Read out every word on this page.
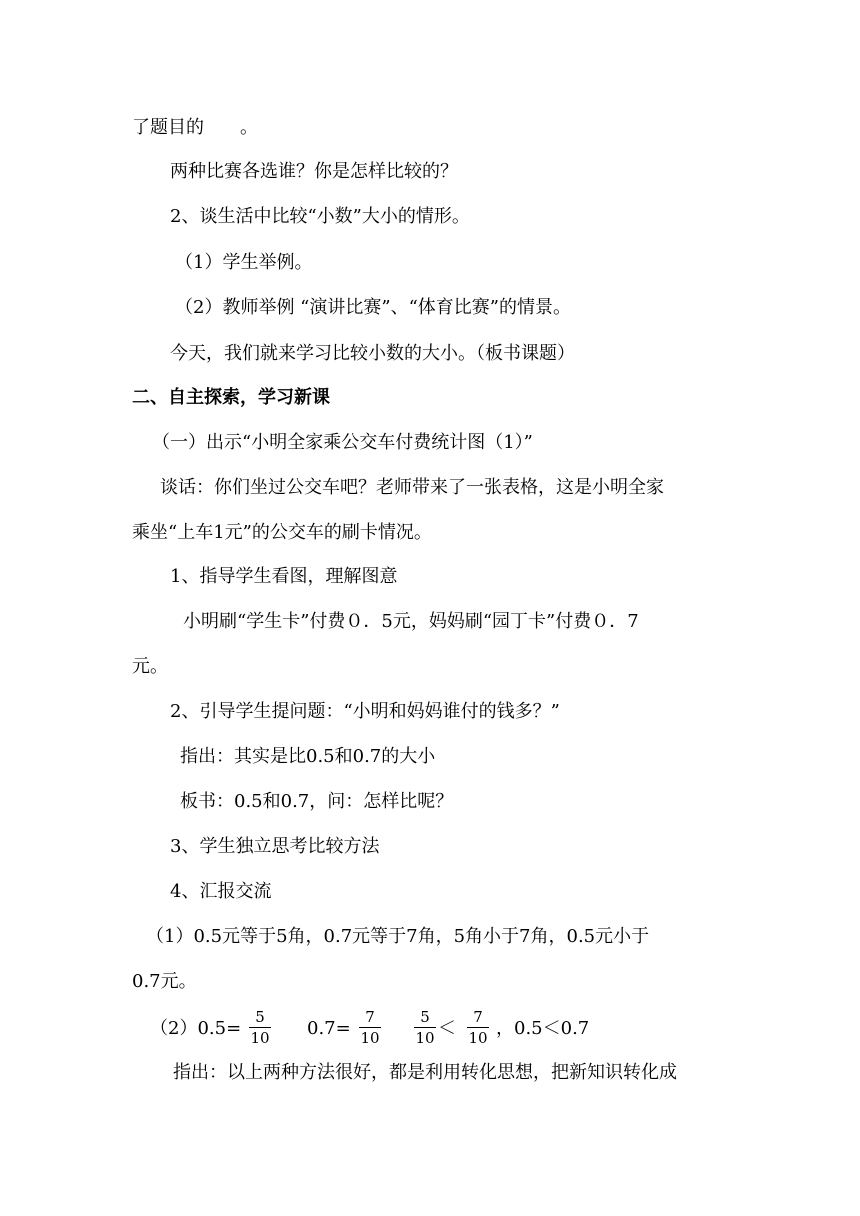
了题目的　　。
两种比赛各选谁？你是怎样比较的？
2、谈生活中比较“小数”大小的情形。
（1）学生举例。
（2）教师举例 “演讲比赛”、“体育比赛”的情景。
今天，我们就来学习比较小数的大小。（板书课题）
二、自主探索，学习新课
（一）出示“小明全家乘公交车付费统计图（1）”
谈话：你们坐过公交车吧？老师带来了一张表格，这是小明全家
乘坐“上车1元”的公交车的刷卡情况。
1、指导学生看图，理解图意
小明刷“学生卡”付费０．5元，妈妈刷“园丁卡”付费０．7
元。
2、引导学生提问题：“小明和妈妈谁付的钱多？”
指出：其实是比0.5和0.7的大小
板书：0.5和0.7，问：怎样比呢？
3、学生独立思考比较方法
4、汇报交流
（1）0.5元等于5角，0.7元等于7角，5角小于7角，0.5元小于
0.7元。
（2）0.5=
5
10	0.7=
7
10
5
10 ＜
7
10 ，0.5＜0.7
指出：以上两种方法很好，都是利用转化思想，把新知识转化成
